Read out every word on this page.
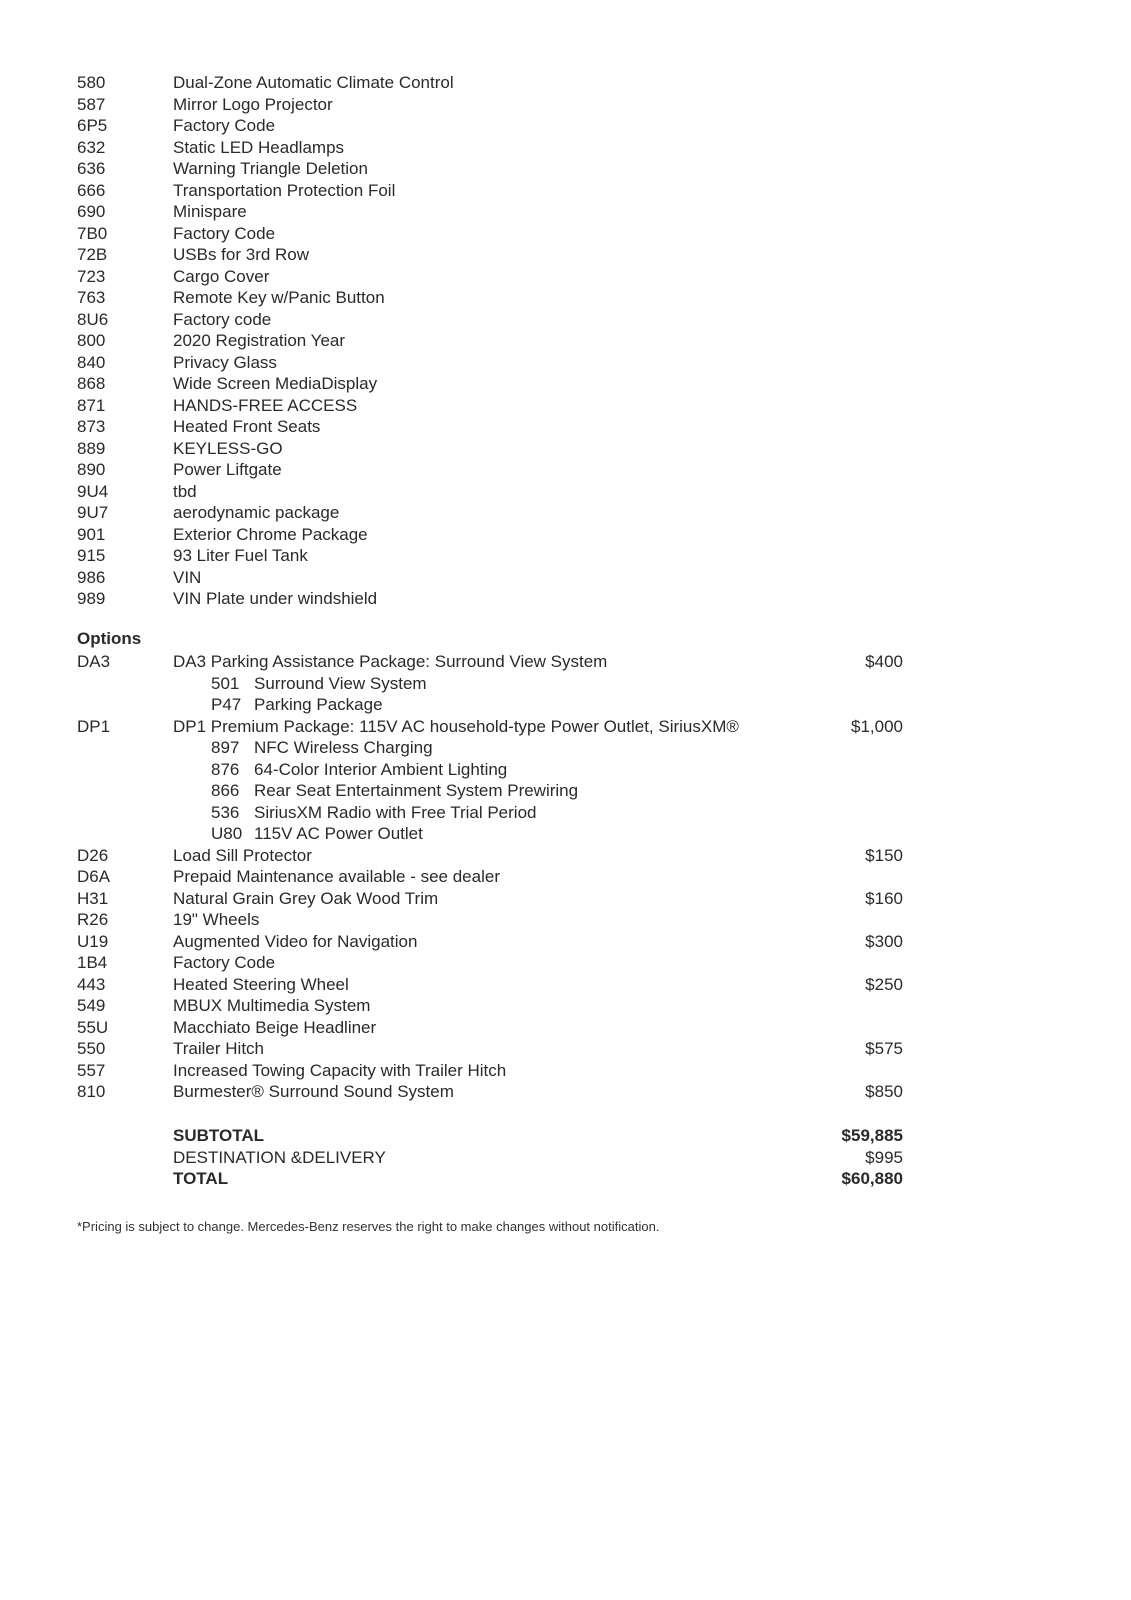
580	Dual-Zone Automatic Climate Control
587	Mirror Logo Projector
6P5	Factory Code
632	Static LED Headlamps
636	Warning Triangle Deletion
666	Transportation Protection Foil
690	Minispare
7B0	Factory Code
72B	USBs for 3rd Row
723	Cargo Cover
763	Remote Key w/Panic Button
8U6	Factory code
800	2020 Registration Year
840	Privacy Glass
868	Wide Screen MediaDisplay
871	HANDS-FREE ACCESS
873	Heated Front Seats
889	KEYLESS-GO
890	Power Liftgate
9U4	tbd
9U7	aerodynamic package
901	Exterior Chrome Package
915	93 Liter Fuel Tank
986	VIN
989	VIN Plate under windshield
Options
DA3	DA3 Parking Assistance Package: Surround View System	$400
501 Surround View System
P47 Parking Package
DP1	DP1 Premium Package: 115V AC household-type Power Outlet, SiriusXM®	$1,000
897 NFC Wireless Charging
876 64-Color Interior Ambient Lighting
866 Rear Seat Entertainment System Prewiring
536 SiriusXM Radio with Free Trial Period
U80 115V AC Power Outlet
D26	Load Sill Protector	$150
D6A	Prepaid Maintenance available - see dealer
H31	Natural Grain Grey Oak Wood Trim	$160
R26	19" Wheels
U19	Augmented Video for Navigation	$300
1B4	Factory Code
443	Heated Steering Wheel	$250
549	MBUX Multimedia System
55U	Macchiato Beige Headliner
550	Trailer Hitch	$575
557	Increased Towing Capacity with Trailer Hitch
810	Burmester® Surround Sound System	$850
SUBTOTAL	$59,885
DESTINATION &DELIVERY	$995
TOTAL	$60,880
*Pricing is subject to change. Mercedes-Benz reserves the right to make changes without notification.
